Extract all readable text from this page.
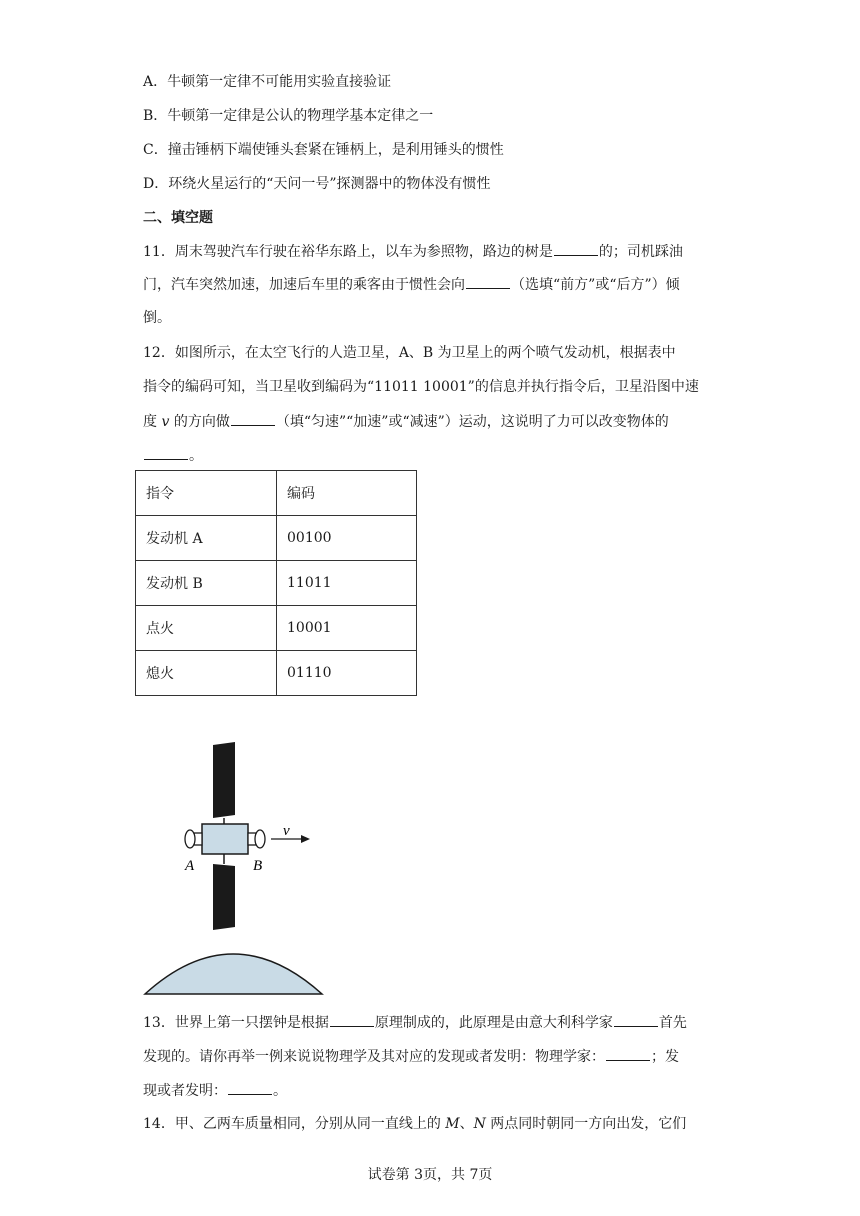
A．牛顿第一定律不可能用实验直接验证
B．牛顿第一定律是公认的物理学基本定律之一
C．撞击锤柄下端使锤头套紧在锤柄上，是利用锤头的惯性
D．环绕火星运行的“天问一号”探测器中的物体没有惯性
二、填空题
11．周末驾驶汽车行驶在裕华东路上，以车为参照物，路边的树是	的；司机踩油
门，汽车突然加速，加速后车里的乘客由于惯性会向	（选填“前方”或“后方”）倾
倒。
12．如图所示，在太空飞行的人造卫星，A、B 为卫星上的两个喷气发动机，根据表中
指令的编码可知，当卫星收到编码为“11011 10001”的信息并执行指令后，卫星沿图中速
度 v 的方向做	（填“匀速”“加速”或“减速”）运动，这说明了力可以改变物体的
。
指令	编码
发动机 A	00100
发动机 B	11011
点火	10001
熄火	01110
v
A	B
13．世界上第一只摆钟是根据	原理制成的，此原理是由意大利科学家	首先
发现的。请你再举一例来说说物理学及其对应的发现或者发明：物理学家：	；发
现或者发明：	。
14．甲、乙两车质量相同，分别从同一直线上的 M、N 两点同时朝同一方向出发，它们
试卷第 3页，共 7页
